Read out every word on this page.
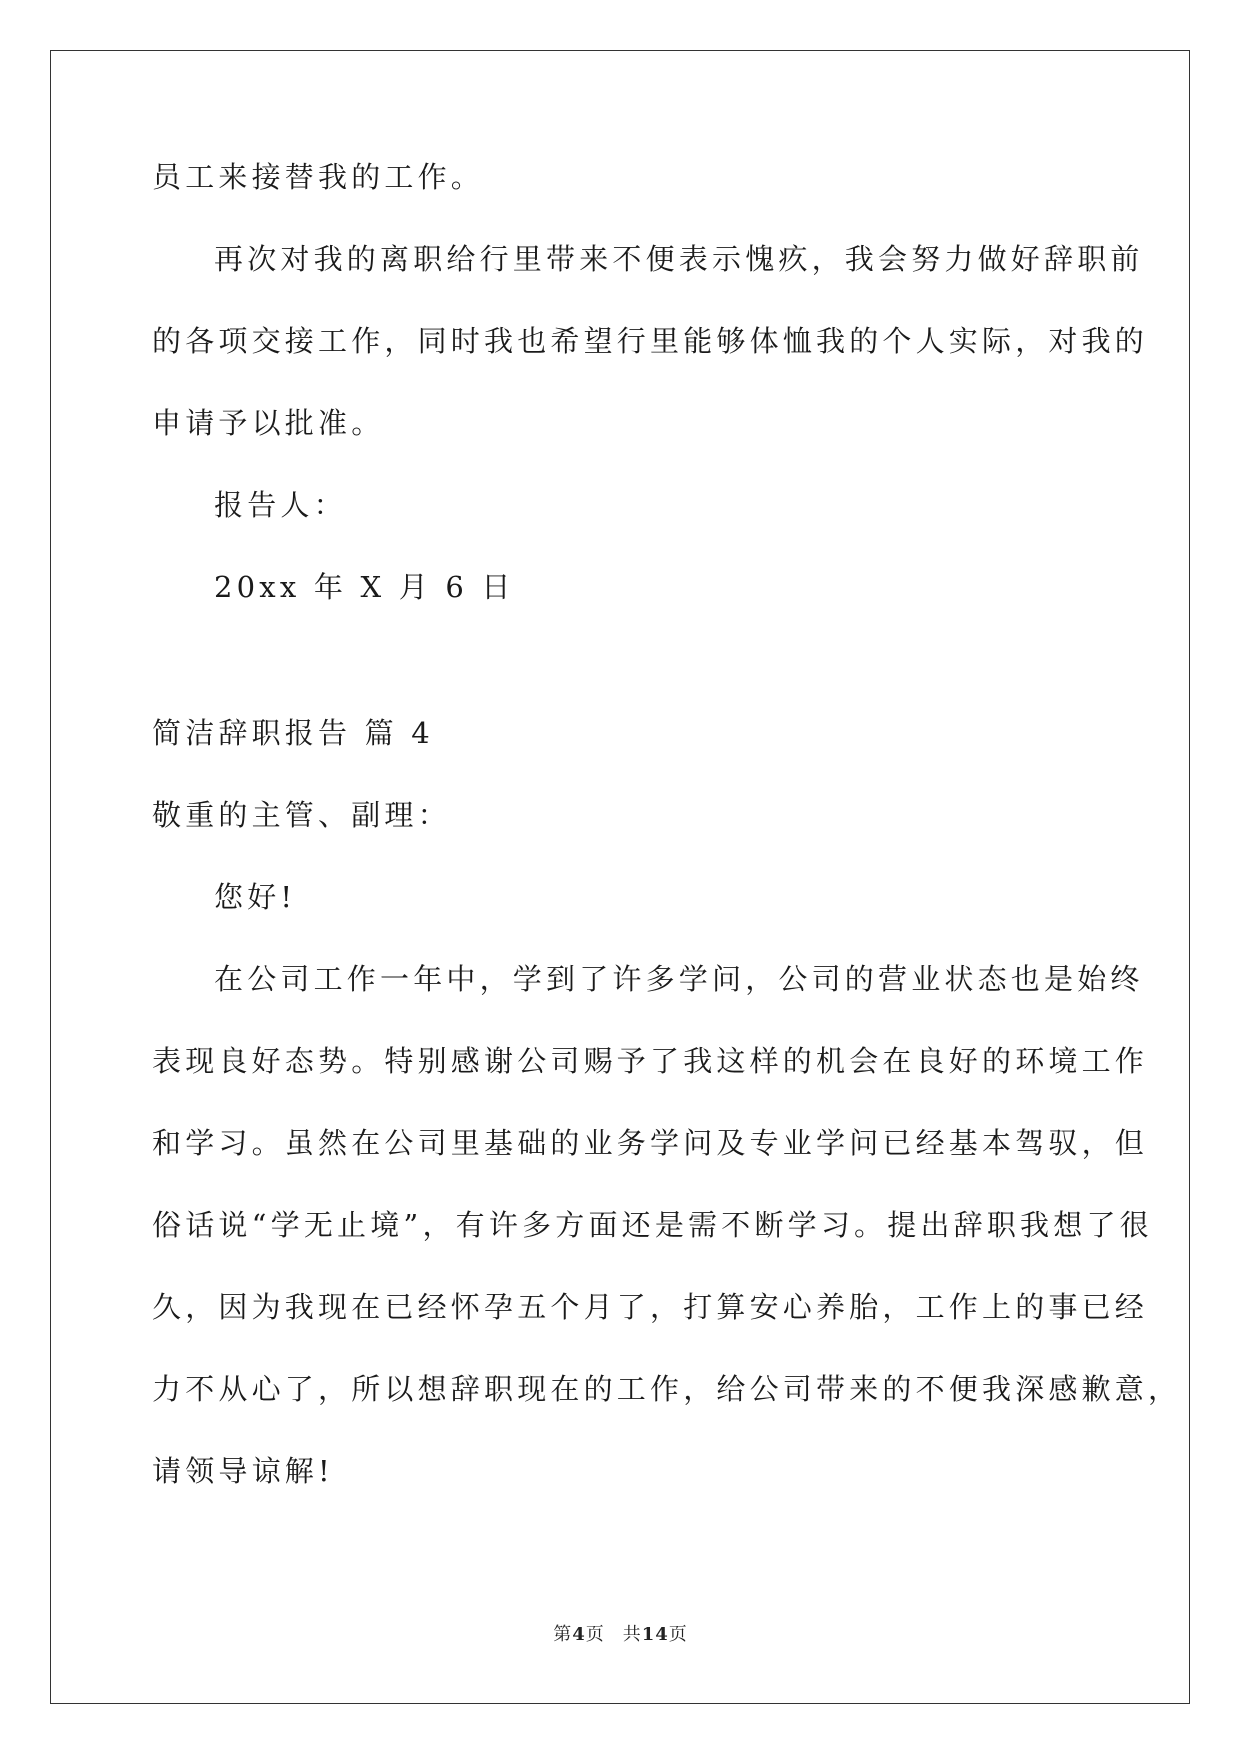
员工来接替我的工作。
再次对我的离职给行里带来不便表示愧疚，我会努力做好辞职前
的各项交接工作，同时我也希望行里能够体恤我的个人实际，对我的
申请予以批准。
报告人：
20xx 年 X 月 6 日
简洁辞职报告 篇 4
敬重的主管、副理：
您好!
在公司工作一年中，学到了许多学问，公司的营业状态也是始终
表现良好态势。特别感谢公司赐予了我这样的机会在良好的环境工作
和学习。虽然在公司里基础的业务学问及专业学问已经基本驾驭，但
俗话说“学无止境”，有许多方面还是需不断学习。提出辞职我想了很
久，因为我现在已经怀孕五个月了，打算安心养胎，工作上的事已经
力不从心了，所以想辞职现在的工作，给公司带来的不便我深感歉意，
请领导谅解!
第4页 共14页
